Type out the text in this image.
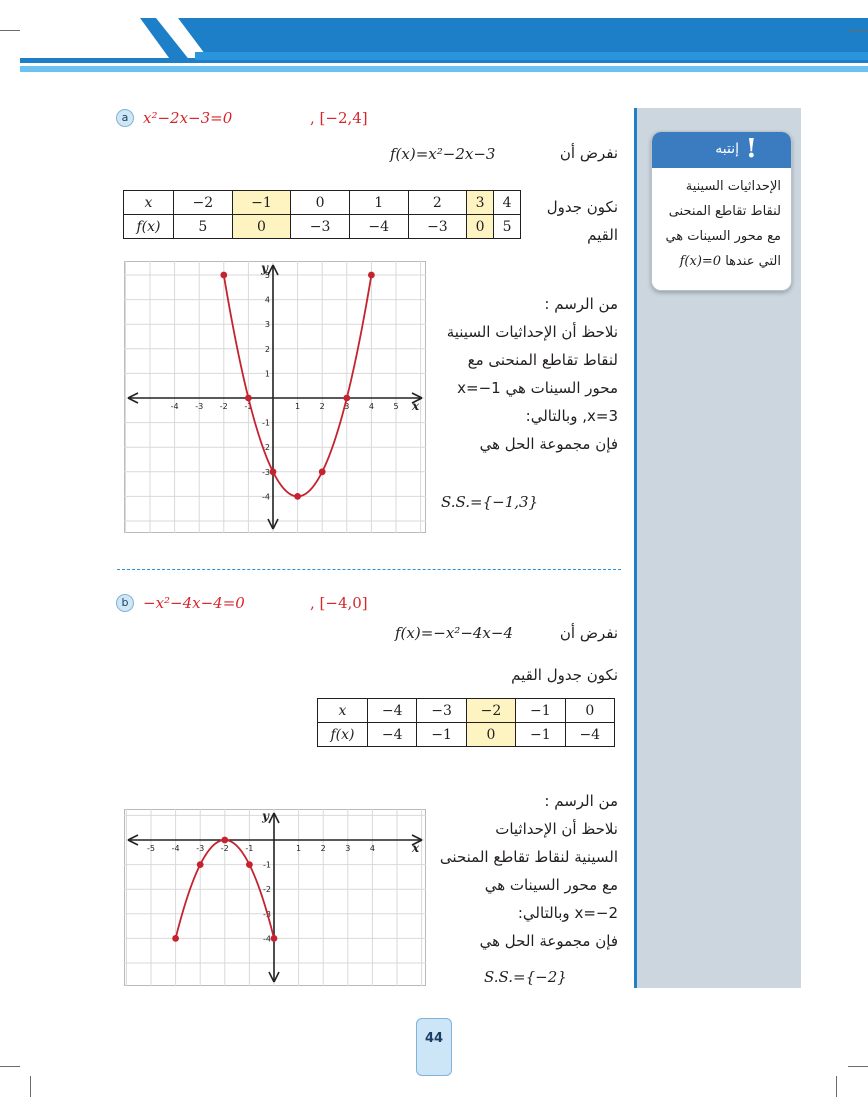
!
إنتبه
الإحداثيات السينية
لنقاط تقاطع المنحنى
مع محور السينات هي
التي عندها f(x)=0
a x²−2x−3=0	, [−2,4]
نفرض أن
f(x)=x²−2x−3
نكون جدول
القيم
x	−2	−1	0	1	2	3	4
f(x)	5	0	−3	−4	−3	0	5
x
y
-4 -3 -2 -1	1 2 3 4 5
5
4
3
2
1
-1
-2
-3
-4
من الرسم :
نلاحظ أن الإحداثيات السينية
لنقاط تقاطع المنحنى مع
محور السينات هي x=−1
x=3, وبالتالي:
فإن مجموعة الحل هي
S.S.={−1,3}
b −x²−4x−4=0	, [−4,0]
نفرض أن
f(x)=−x²−4x−4
نكون جدول القيم
x	−4	−3	−2	−1	0
f(x)	−4	−1	0	−1	−4
x
y
-5 -4 -3 -2 -1	1 2 3 4
-1
-2
-3
-4
من الرسم :
نلاحظ أن الإحداثيات
السينية لنقاط تقاطع المنحنى
مع محور السينات هي
x=−2 وبالتالي:
فإن مجموعة الحل هي
S.S.={−2}
44
